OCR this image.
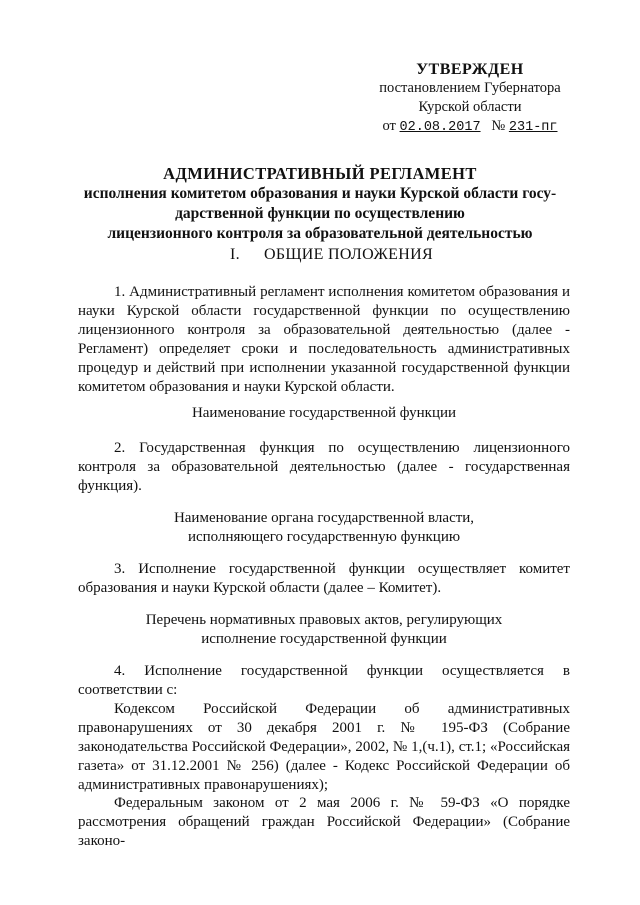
УТВЕРЖДЕН
постановлением Губернатора
Курской области
от 02.08.2017 № 231-пг
АДМИНИСТРАТИВНЫЙ РЕГЛАМЕНТ
исполнения комитетом образования и науки Курской области госу-
дарственной функции по осуществлению
лицензионного контроля за образовательной деятельностью
I. ОБЩИЕ ПОЛОЖЕНИЯ
1. Административный регламент исполнения комитетом образования и науки Курской области государственной функции по осуществлению лицензионного контроля за образовательной деятельностью (далее - Регламент) определяет сроки и последовательность административных процедур и действий при исполнении указанной государственной функции комитетом образования и науки Курской области.
Наименование государственной функции
2. Государственная функция по осуществлению лицензионного контроля за образовательной деятельностью (далее - государственная функция).
Наименование органа государственной власти,
исполняющего государственную функцию
3. Исполнение государственной функции осуществляет комитет образования и науки Курской области (далее – Комитет).
Перечень нормативных правовых актов, регулирующих
исполнение государственной функции
4. Исполнение государственной функции осуществляется в соответствии с:
Кодексом Российской Федерации об административных правонарушениях от 30 декабря 2001 г. № 195-ФЗ (Собрание законодательства Российской Федерации», 2002, № 1,(ч.1), ст.1; «Российская газета» от 31.12.2001 № 256) (далее - Кодекс Российской Федерации об административных правонарушениях);
Федеральным законом от 2 мая 2006 г. № 59-ФЗ «О порядке рассмотрения обращений граждан Российской Федерации» (Собрание законо-
